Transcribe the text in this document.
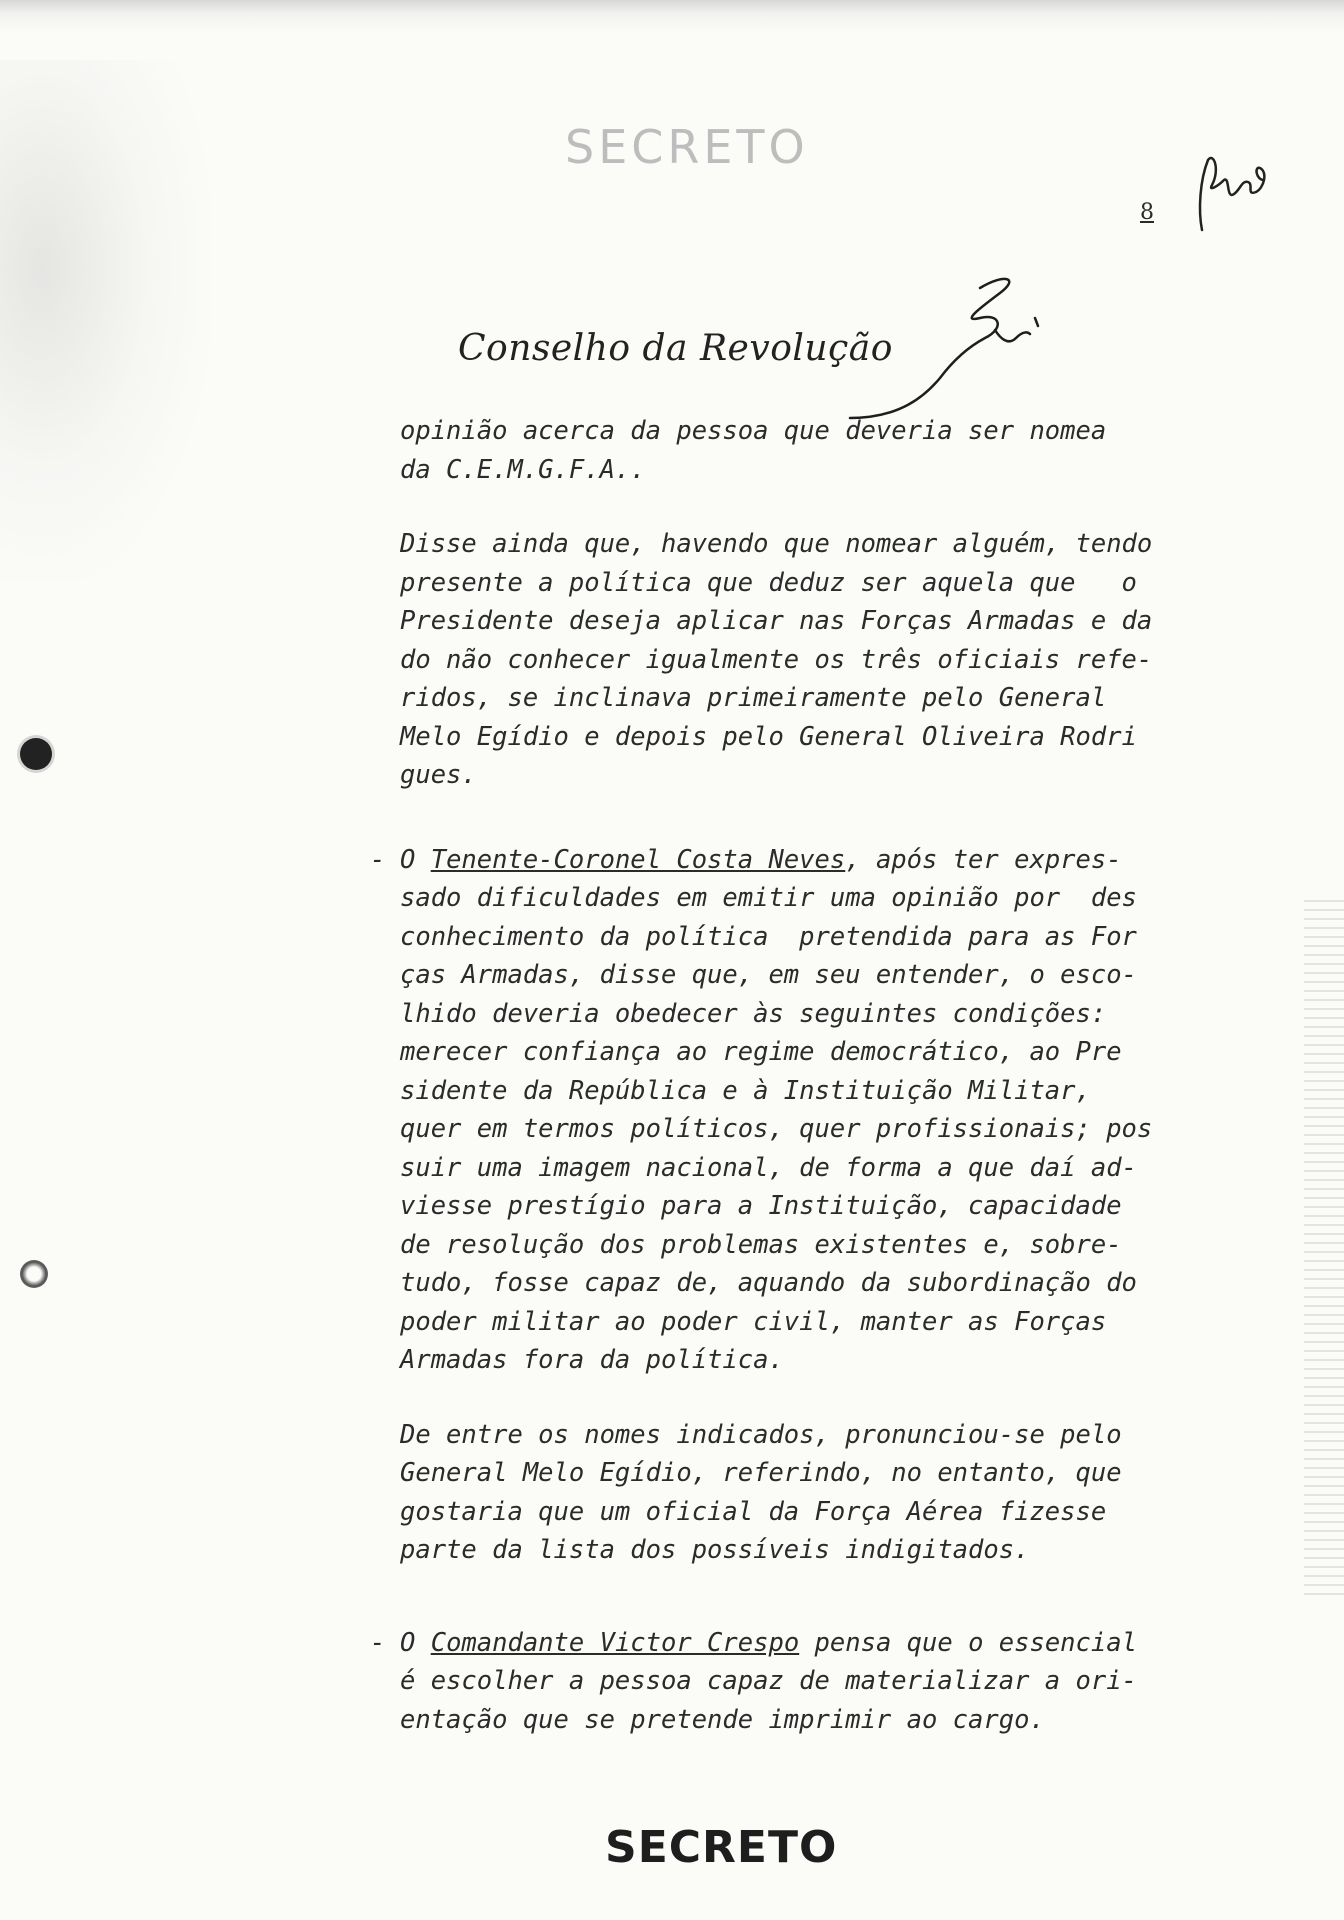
SECRETO
8
Conselho da Revolução
opinião acerca da pessoa que deveria ser nomea
da C.E.M.G.F.A..
Disse ainda que, havendo que nomear alguém, tendo
presente a política que deduz ser aquela que   o
Presidente deseja aplicar nas Forças Armadas e da
do não conhecer igualmente os três oficiais refe-
ridos, se inclinava primeiramente pelo General
Melo Egídio e depois pelo General Oliveira Rodri
gues.
- O Tenente-Coronel Costa Neves, após ter expres-
sado dificuldades em emitir uma opinião por  des
conhecimento da política  pretendida para as For
ças Armadas, disse que, em seu entender, o esco-
lhido deveria obedecer às seguintes condições:
merecer confiança ao regime democrático, ao Pre
sidente da República e à Instituição Militar,
quer em termos políticos, quer profissionais; pos
suir uma imagem nacional, de forma a que daí ad-
viesse prestígio para a Instituição, capacidade
de resolução dos problemas existentes e, sobre-
tudo, fosse capaz de, aquando da subordinação do
poder militar ao poder civil, manter as Forças
Armadas fora da política.
De entre os nomes indicados, pronunciou-se pelo
General Melo Egídio, referindo, no entanto, que
gostaria que um oficial da Força Aérea fizesse
parte da lista dos possíveis indigitados.
- O Comandante Victor Crespo pensa que o essencial
é escolher a pessoa capaz de materializar a ori-
entação que se pretende imprimir ao cargo.
SECRETO
